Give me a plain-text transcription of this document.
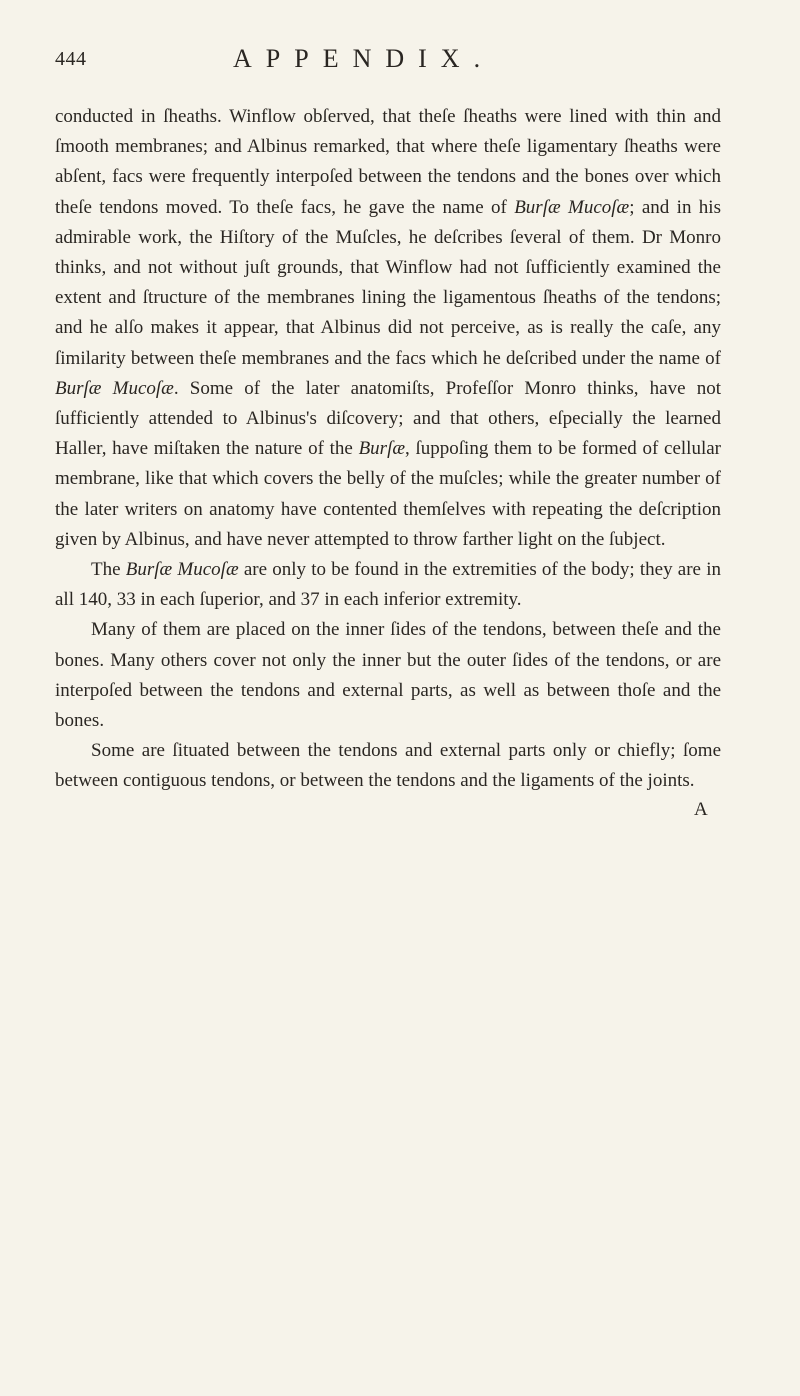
444	APPENDIX.

conducted in ſheaths. Winflow obſerved, that theſe ſheaths were lined with thin and ſmooth membranes; and Albinus remarked, that where theſe ligamentary ſheaths were abſent, facs were frequently interpoſed between the tendons and the bones over which theſe tendons moved. To theſe facs, he gave the name of Burſæ Mucoſæ; and in his admirable work, the Hiſtory of the Muſcles, he deſcribes ſeveral of them. Dr Monro thinks, and not without juſt grounds, that Winflow had not ſufficiently examined the extent and ſtructure of the membranes lining the ligamentous ſheaths of the tendons; and he alſo makes it appear, that Albinus did not perceive, as is really the caſe, any ſimilarity between theſe membranes and the facs which he deſcribed under the name of Burſæ Mucoſæ. Some of the later anatomiſts, Profeſſor Monro thinks, have not ſufficiently attended to Albinus's diſcovery; and that others, eſpecially the learned Haller, have miſtaken the nature of the Burſæ, ſuppoſing them to be formed of cellular membrane, like that which covers the belly of the muſcles; while the greater number of the later writers on anatomy have contented themſelves with repeating the deſcription given by Albinus, and have never attempted to throw farther light on the ſubject.

The Burſæ Mucoſæ are only to be found in the extremities of the body; they are in all 140, 33 in each ſuperior, and 37 in each inferior extremity.

Many of them are placed on the inner ſides of the tendons, between theſe and the bones. Many others cover not only the inner but the outer ſides of the tendons, or are interpoſed between the tendons and external parts, as well as between thoſe and the bones.

Some are ſituated between the tendons and external parts only or chiefly; ſome between contiguous tendons, or between the tendons and the ligaments of the joints.

A
